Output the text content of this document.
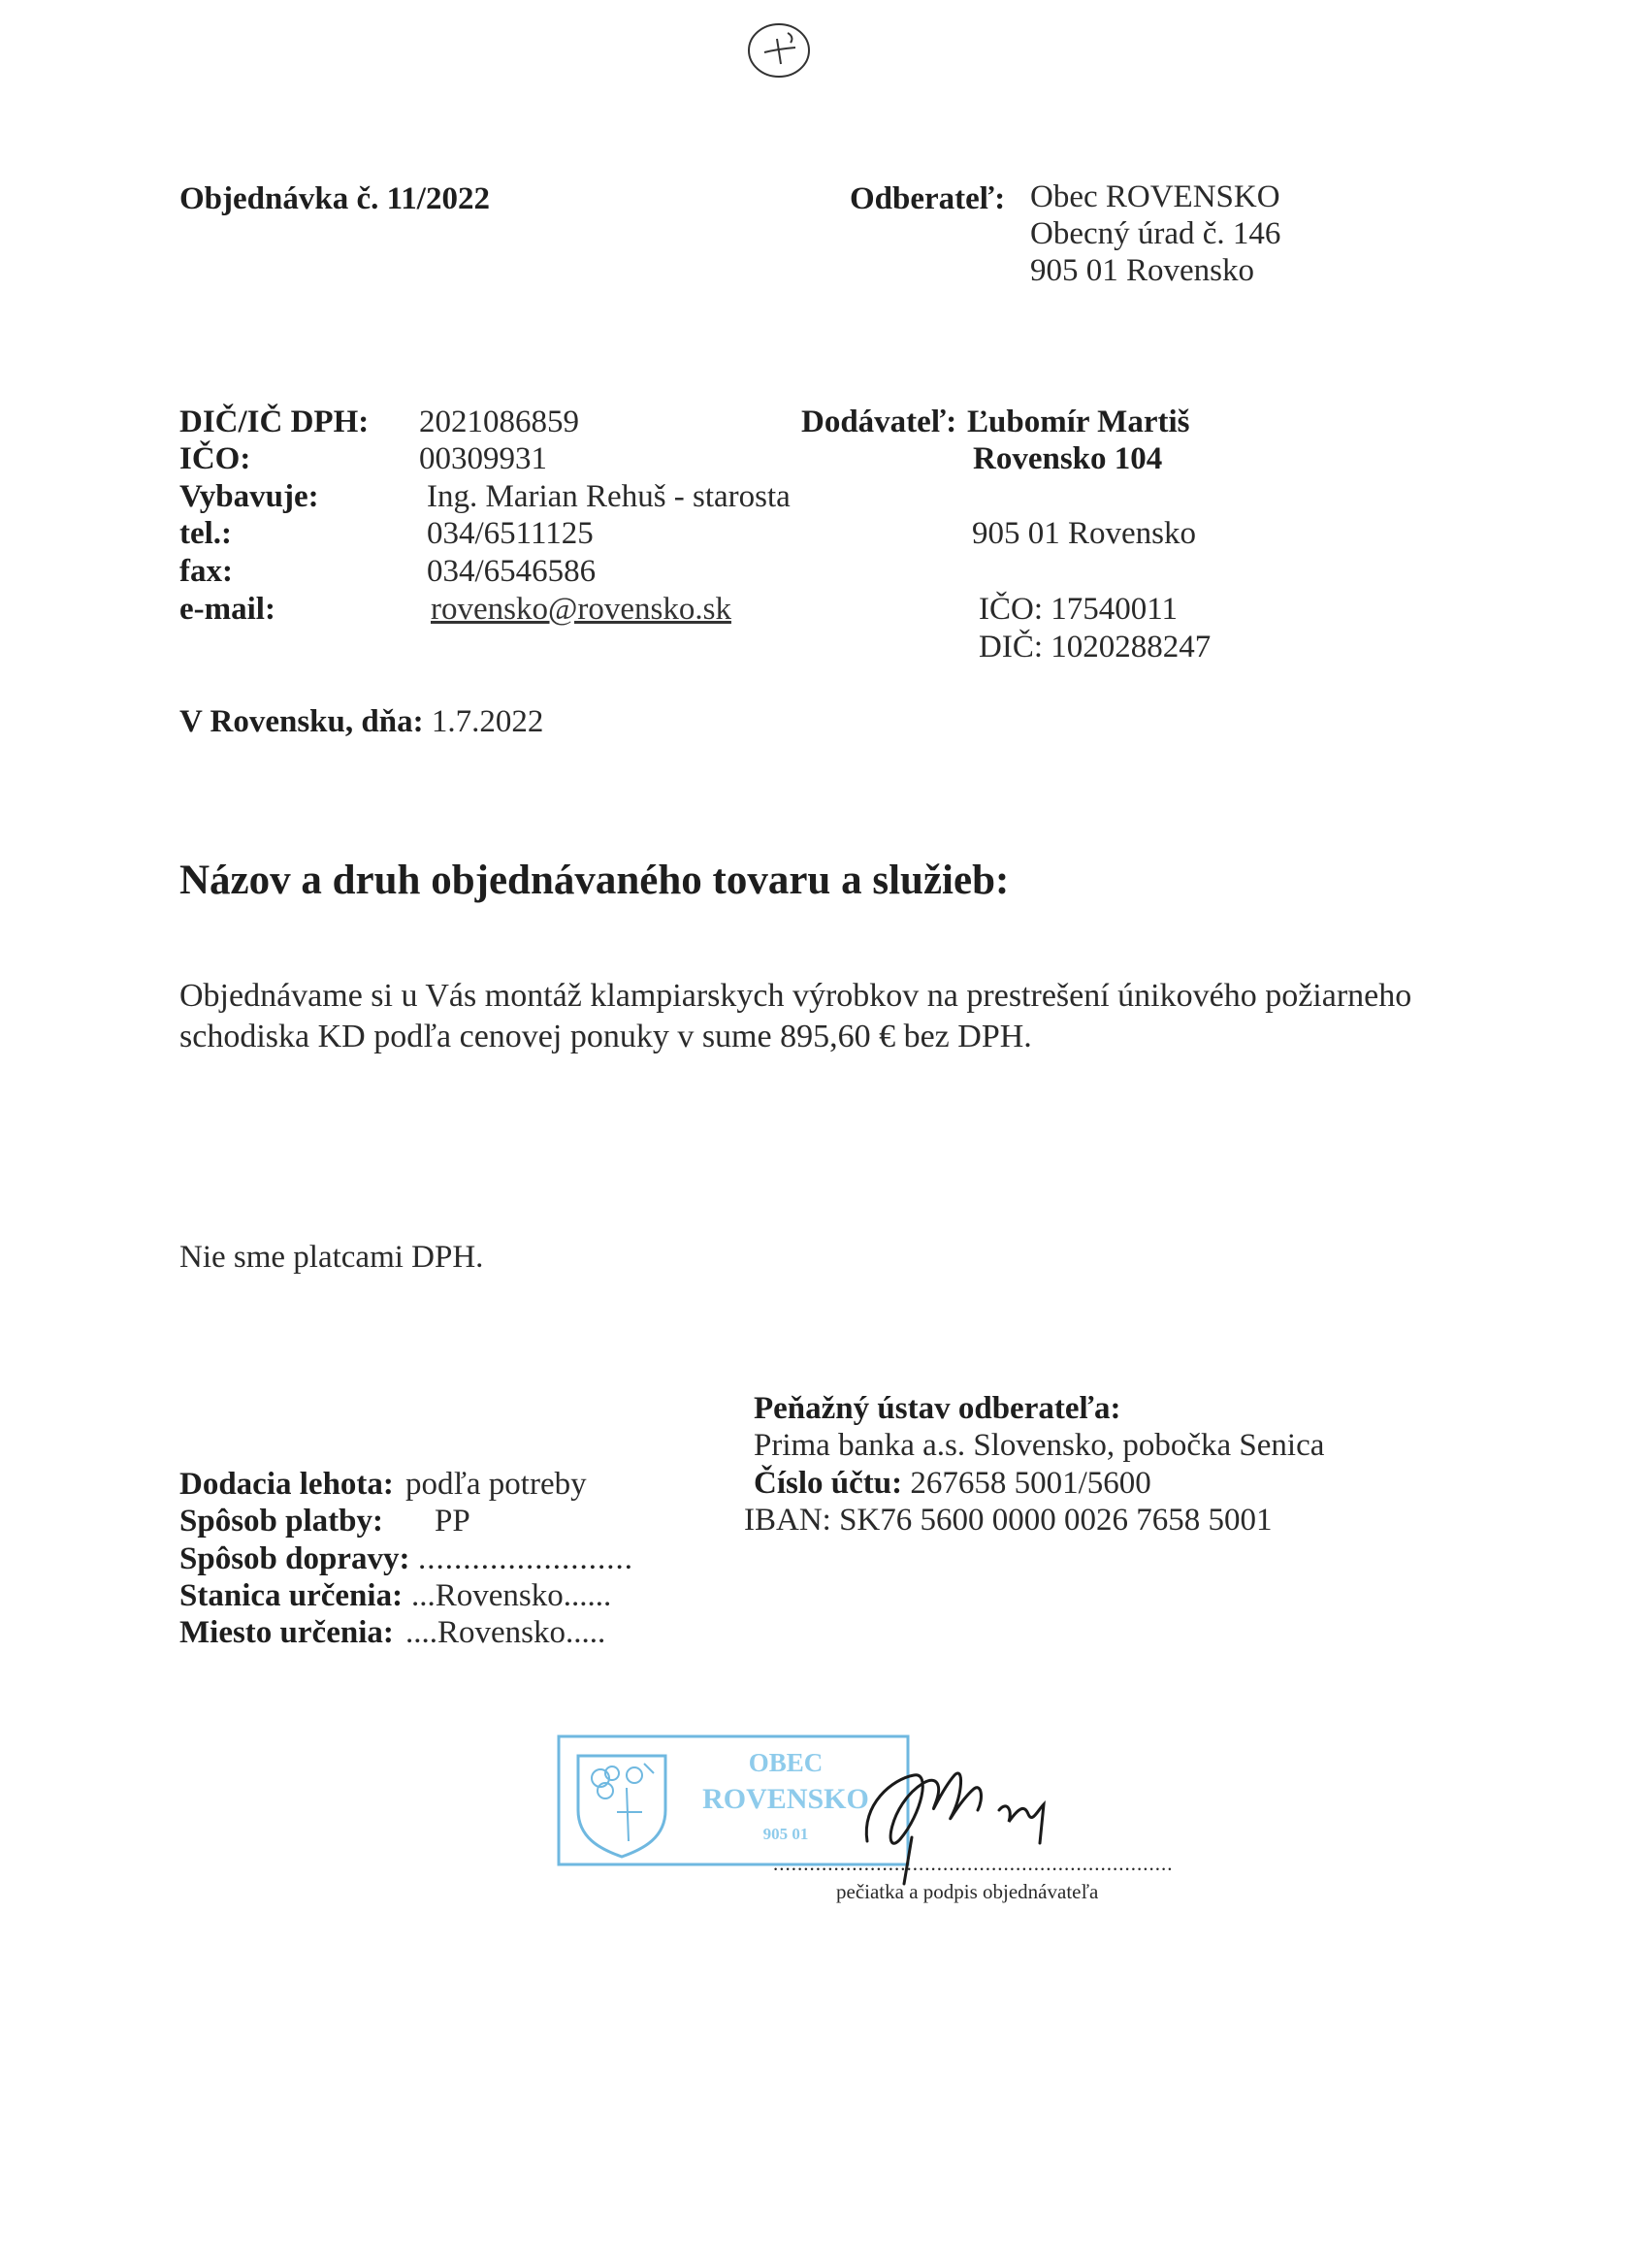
Objednávka č. 11/2022	Odberateľ: Obec ROVENSKO
Obecný úrad č. 146
905 01 Rovensko
DIČ/IČ DPH: 2021086859
IČO:	00309931
Vybavuje:	Ing. Marian Rehuš - starosta
tel.:	034/6511125
fax:	034/6546586
e-mail:	rovensko@rovensko.sk
Dodávateľ: Ľubomír Martiš
Rovensko 104
905 01 Rovensko
IČO: 17540011
DIČ: 1020288247
V Rovensku, dňa: 1.7.2022
Názov a druh objednávaného tovaru a služieb:
Objednávame si u Vás montáž klampiarskych výrobkov na prestrešení únikového požiarneho
schodiska KD podľa cenovej ponuky v sume 895,60 € bez DPH.
Nie sme platcami DPH.
Peňažný ústav odberateľa:
Prima banka a.s. Slovensko, pobočka Senica
Číslo účtu: 267658 5001/5600
IBAN: SK76 5600 0000 0026 7658 5001
Dodacia lehota: podľa potreby
Spôsob platby: PP
Spôsob dopravy: ........................
Stanica určenia: ...Rovensko......
Miesto určenia: ....Rovensko.....
OBEC
ROVENSKO
905 01
..................................................................
pečiatka a podpis objednávateľa
